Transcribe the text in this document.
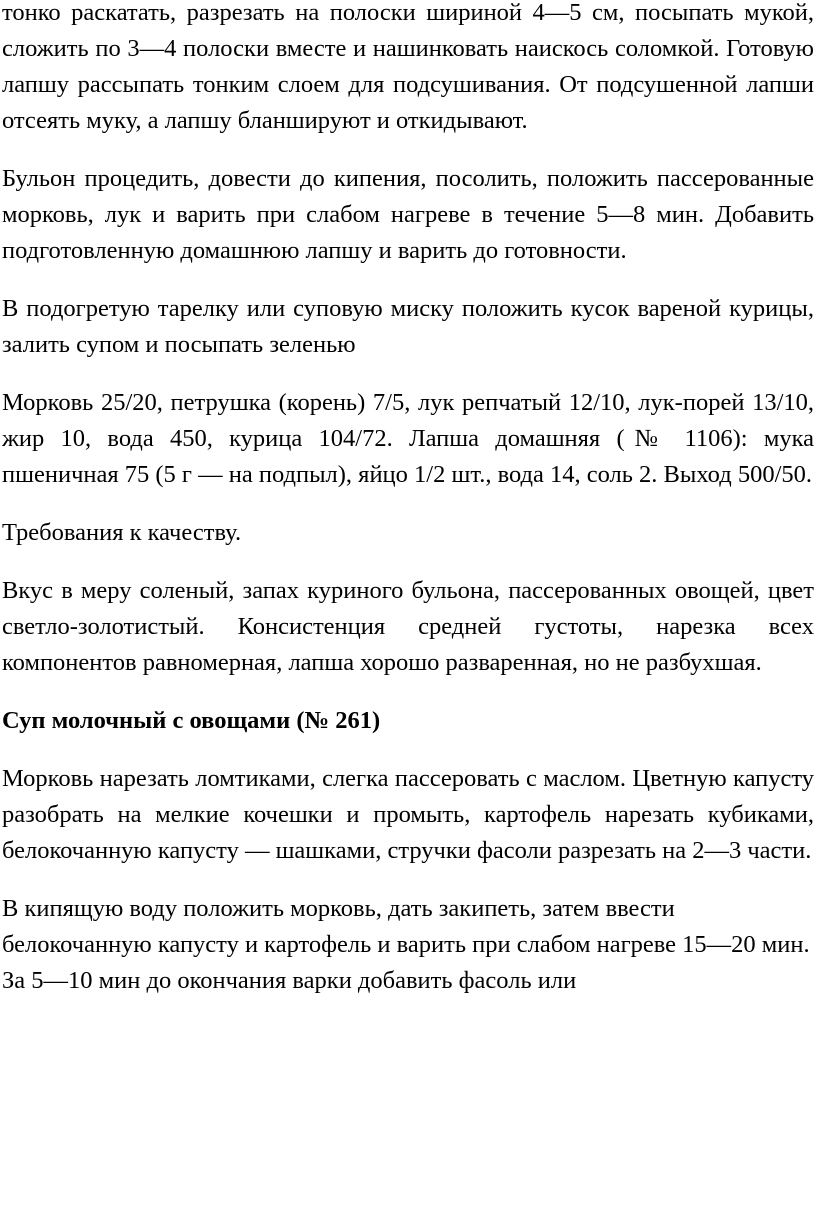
тонко раскатать, разрезать на полоски шириной 4—5 см, посыпать мукой, сложить по 3—4 полоски вместе и нашинковать наискось соломкой. Готовую лапшу рассыпать тонким слоем для подсушивания. От подсушенной лапши отсеять муку, а лапшу бланшируют и откидывают.

Бульон процедить, довести до кипения, посолить, положить пассерованные морковь, лук и варить при слабом нагреве в течение 5—8 мин. Добавить подготовленную домашнюю лапшу и варить до готовности.

В подогретую тарелку или суповую миску положить кусок вареной курицы, залить супом и посыпать зеленью

Морковь 25/20, петрушка (корень) 7/5, лук репчатый 12/10, лук-порей 13/10, жир 10, вода 450, курица 104/72. Лапша домашняя (№ 1106): мука пшеничная 75 (5 г — на подпыл), яйцо 1/2 шт., вода 14, соль 2. Выход 500/50.

Требования к качеству.

Вкус в меру соленый, запах куриного бульона, пассерованных овощей, цвет светло-золотистый. Консистенция средней густоты, нарезка всех компонентов равномерная, лапша хорошо разваренная, но не разбухшая.

Суп молочный с овощами (№ 261)

Морковь нарезать ломтиками, слегка пассеровать с маслом. Цветную капусту разобрать на мелкие кочешки и промыть, картофель нарезать кубиками, белокочанную капусту — шашками, стручки фасоли разрезать на 2—3 части.

В кипящую воду положить морковь, дать закипеть, затем ввести белокочанную капусту и картофель и варить при слабом нагреве 15—20 мин. За 5—10 мин до окончания варки добавить фасоль или
